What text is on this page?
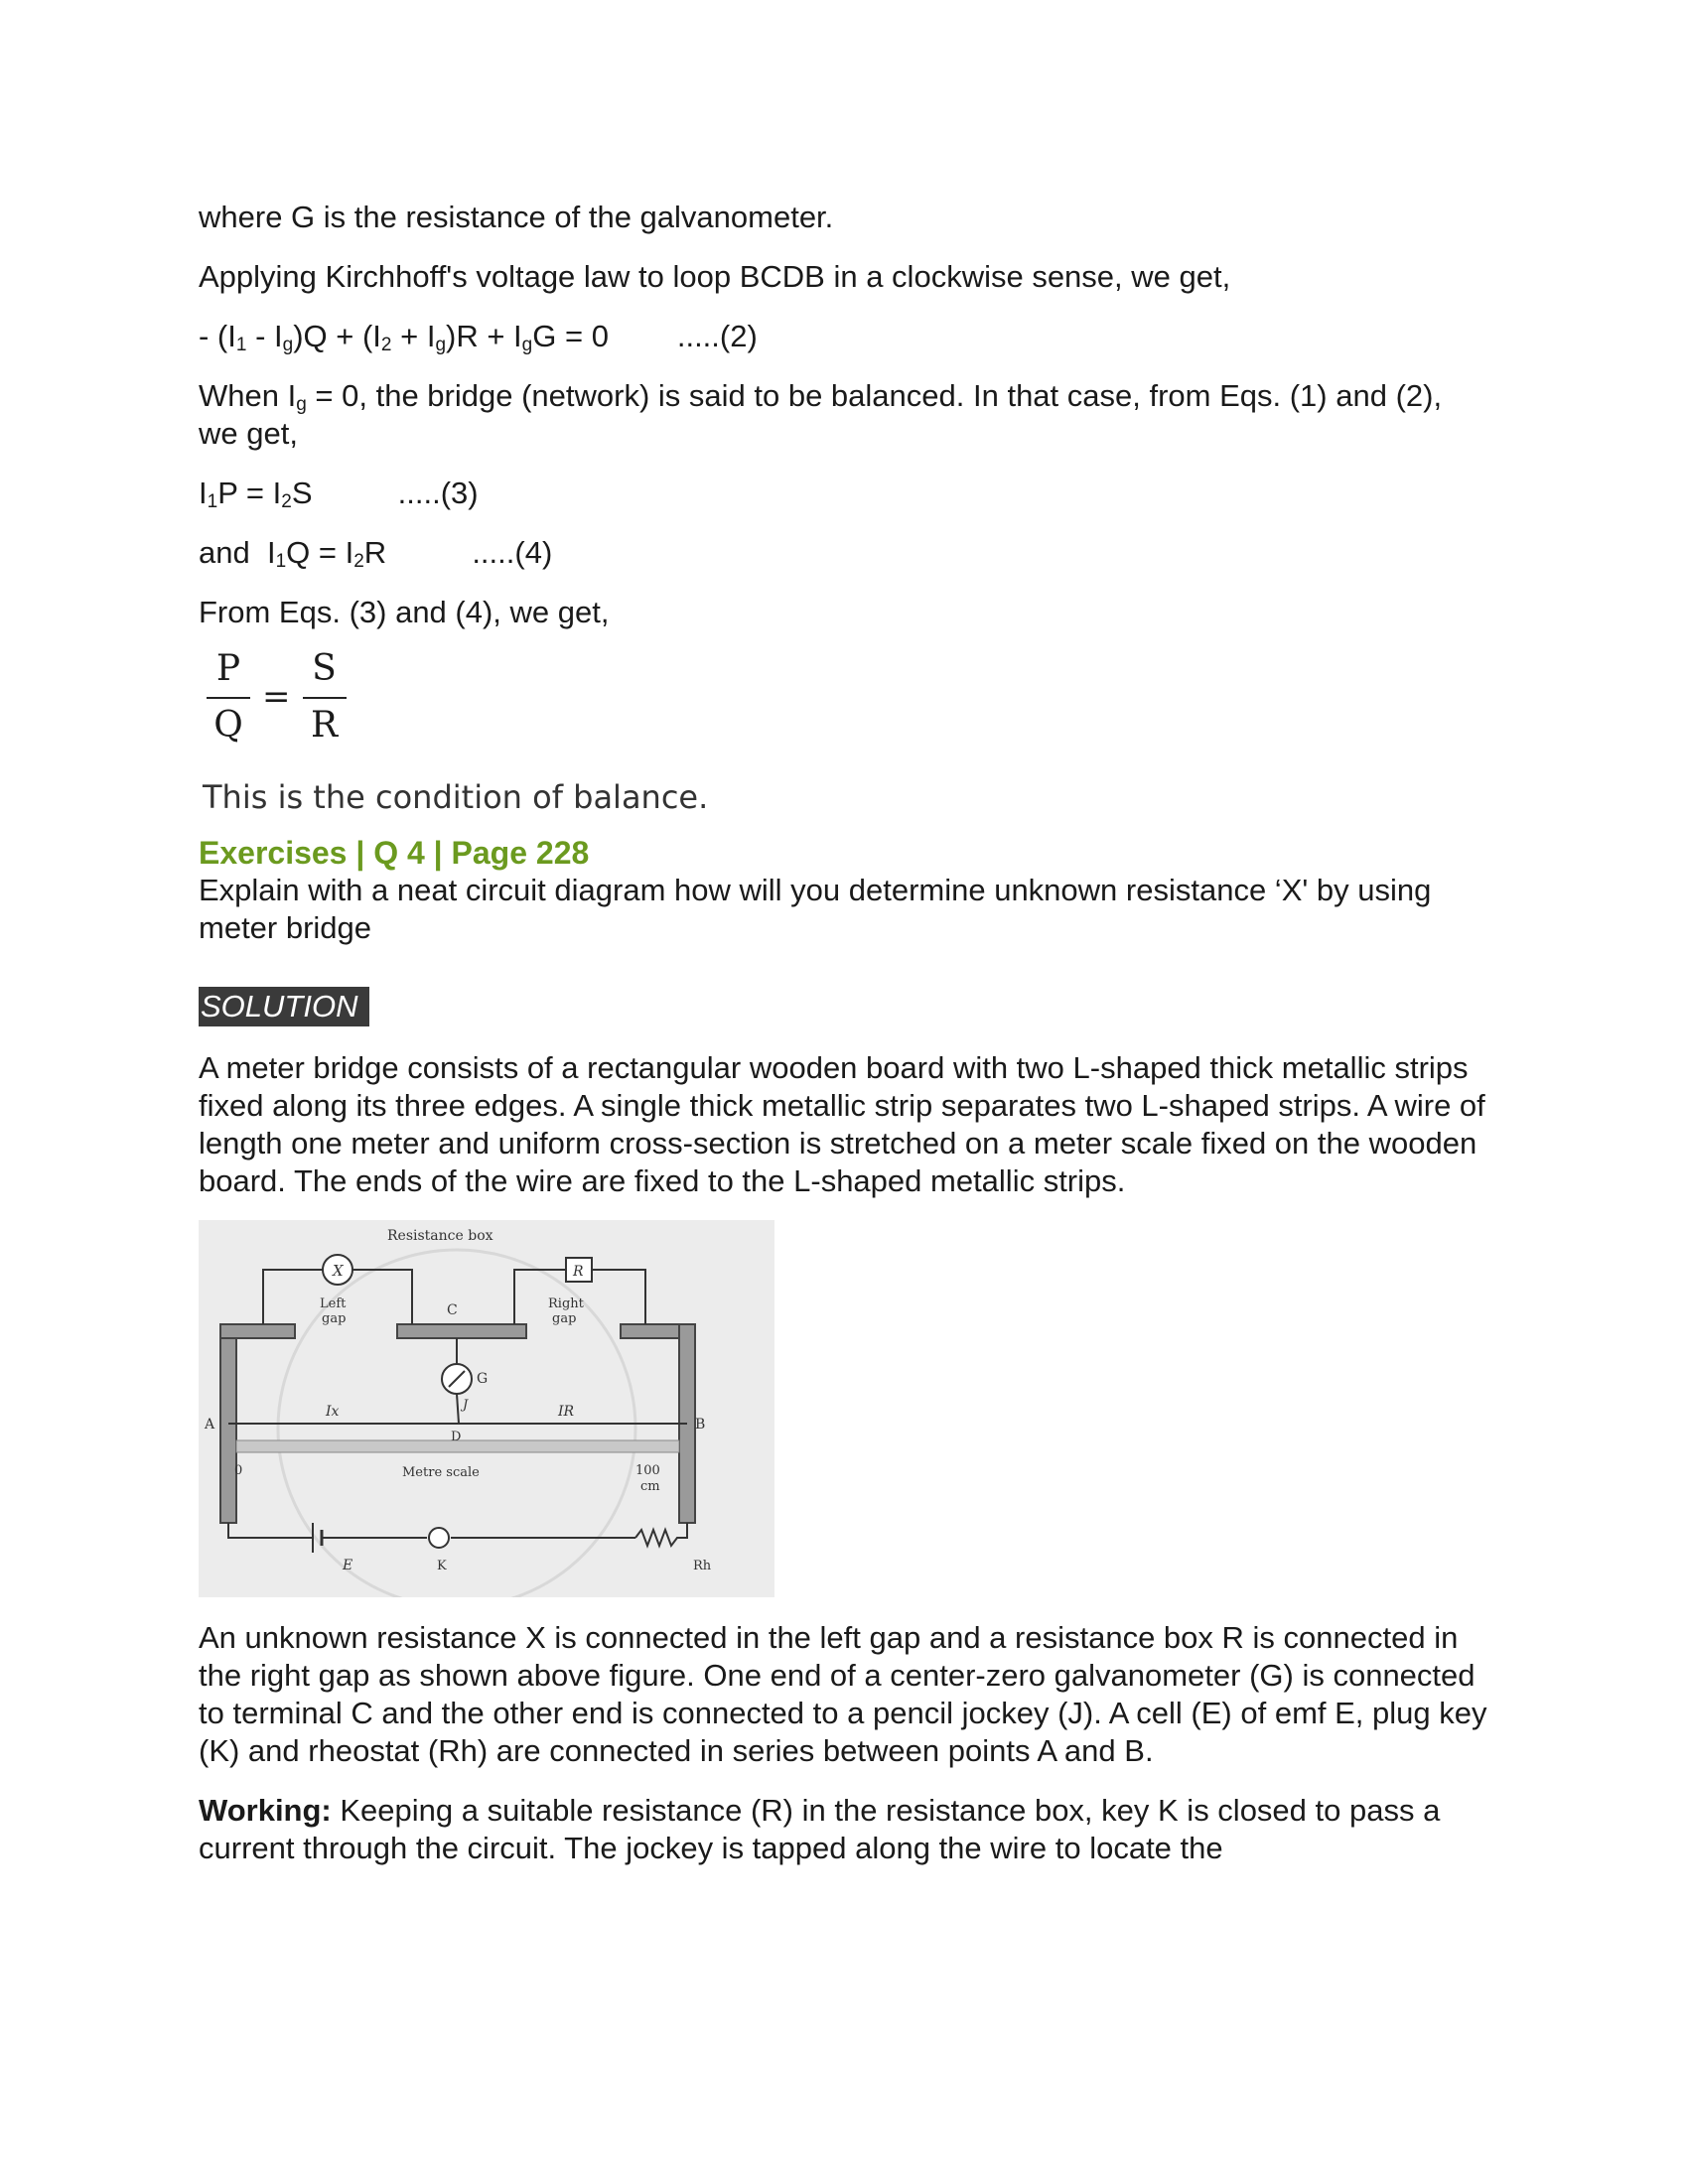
where G is the resistance of the galvanometer.

Applying Kirchhoff's voltage law to loop BCDB in a clockwise sense, we get,

- $(I_1 - I_g)Q + (I_2 + I_g)R + I_gG = 0$        .....(2)

When $I_g = 0$, the bridge (network) is said to be balanced. In that case, from Eqs. (1) and (2), we get,

$I_1P = I_2S$          .....(3)

and  $I_1Q = I_2R$          .....(4)

From Eqs. (3) and (4), we get,

$\frac{P}{Q} = \frac{S}{R}$

This is the condition of balance.

Exercises | Q 4 | Page 228

Explain with a neat circuit diagram how will you determine unknown resistance ‘X' by using meter bridge

SOLUTION

A meter bridge consists of a rectangular wooden board with two L-shaped thick metallic strips fixed along its three edges. A single thick metallic strip separates two L-shaped strips. A wire of length one meter and uniform cross-section is stretched on a meter scale fixed on the wooden board. The ends of the wire are fixed to the L-shaped metallic strips.

Resistance box
X	R
Left
gap
Right
gap
C
G
A	B
J
D
Ix	IR
0	Metre scale	100
cm
E	K	Rh

An unknown resistance X is connected in the left gap and a resistance box R is connected in the right gap as shown above figure. One end of a center-zero galvanometer (G) is connected to terminal C and the other end is connected to a pencil jockey (J). A cell (E) of emf E, plug key (K) and rheostat (Rh) are connected in series between points A and B.

Working: Keeping a suitable resistance (R) in the resistance box, key K is closed to pass a current through the circuit. The jockey is tapped along the wire to locate the
